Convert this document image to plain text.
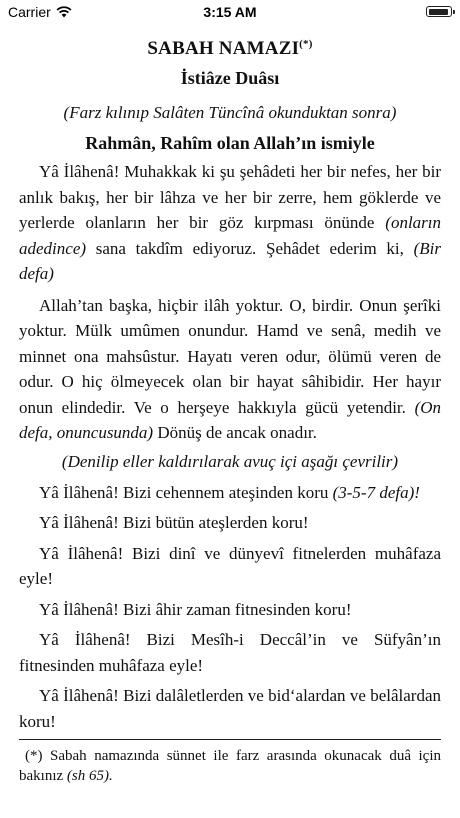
Carrier	3:15 AM
SABAH NAMAZI(*)
İstiâze Duâsı
(Farz kılınıp Salâten Tüncînâ okunduktan sonra)
Rahmân, Rahîm olan Allah’ın ismiyle

Yâ İlâhenâ! Muhakkak ki şu şehâdeti her bir nefes, her bir anlık bakış, her bir lâhza ve her bir zerre, hem göklerde ve yerlerde olanların her bir göz kırpması önünde (onların adedince) sana takdîm ediyoruz. Şehâdet ederim ki, (Bir defa)

Allah’tan başka, hiçbir ilâh yoktur. O, birdir. Onun şerîki yoktur. Mülk umûmen onundur. Hamd ve senâ, medih ve minnet ona mahsûstur. Hayatı veren odur, ölümü veren de odur. O hiç ölmeyecek olan bir hayat sâhibidir. Her hayır onun elindedir. Ve o herşeye hakkıyla gücü yetendir. (On defa, onuncusunda) Dönüş de ancak onadır.

(Denilip eller kaldırılarak avuç içi aşağı çevrilir)

Yâ İlâhenâ! Bizi cehennem ateşinden koru (3-5-7 defa)!

Yâ İlâhenâ! Bizi bütün ateşlerden koru!

Yâ İlâhenâ! Bizi dinî ve dünyevî fitnelerden muhâfaza eyle!

Yâ İlâhenâ! Bizi âhir zaman fitnesinden koru!

Yâ İlâhenâ! Bizi Mesîh-i Deccâl’in ve Süfyân’ın fitnesinden muhâfaza eyle!

Yâ İlâhenâ! Bizi dalâletlerden ve bid‘alardan ve belâlardan koru!

(*) Sabah namazında sünnet ile farz arasında okunacak duâ için bakınız (sh 65).
